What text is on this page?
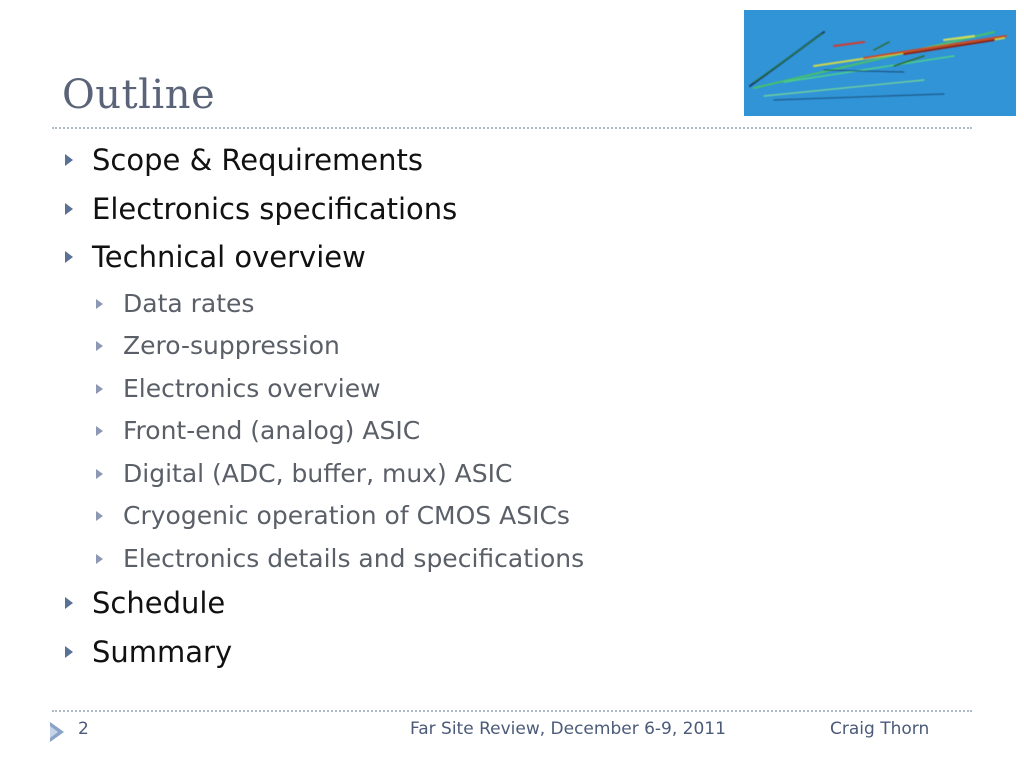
Outline
Scope & Requirements
Electronics specifications
Technical overview
Data rates
Zero-suppression
Electronics overview
Front-end (analog) ASIC
Digital (ADC, buffer, mux) ASIC
Cryogenic operation of CMOS ASICs
Electronics details and specifications
Schedule
Summary
2	Far Site Review, December 6-9, 2011	Craig Thorn
